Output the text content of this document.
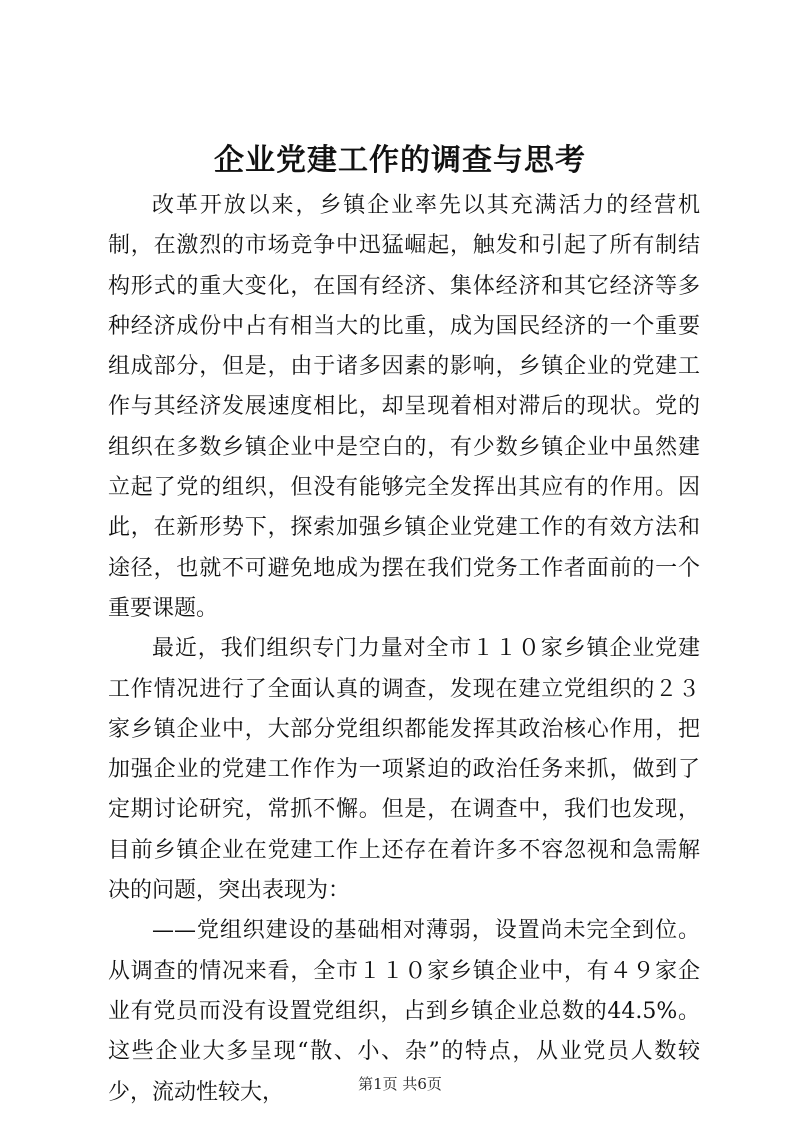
企业党建工作的调查与思考

改革开放以来，乡镇企业率先以其充满活力的经营机制，在激烈的市场竞争中迅猛崛起，触发和引起了所有制结构形式的重大变化，在国有经济、集体经济和其它经济等多种经济成份中占有相当大的比重，成为国民经济的一个重要组成部分，但是，由于诸多因素的影响，乡镇企业的党建工作与其经济发展速度相比，却呈现着相对滞后的现状。党的组织在多数乡镇企业中是空白的，有少数乡镇企业中虽然建立起了党的组织，但没有能够完全发挥出其应有的作用。因此，在新形势下，探索加强乡镇企业党建工作的有效方法和途径，也就不可避免地成为摆在我们党务工作者面前的一个重要课题。

最近，我们组织专门力量对全市１１０家乡镇企业党建工作情况进行了全面认真的调查，发现在建立党组织的２３家乡镇企业中，大部分党组织都能发挥其政治核心作用，把加强企业的党建工作作为一项紧迫的政治任务来抓，做到了定期讨论研究，常抓不懈。但是，在调查中，我们也发现，目前乡镇企业在党建工作上还存在着许多不容忽视和急需解决的问题，突出表现为：

——党组织建设的基础相对薄弱，设置尚未完全到位。从调查的情况来看，全市１１０家乡镇企业中，有４９家企业有党员而没有设置党组织，占到乡镇企业总数的44.5%。这些企业大多呈现“散、小、杂”的特点，从业党员人数较少，流动性较大，	第1页 共6页
